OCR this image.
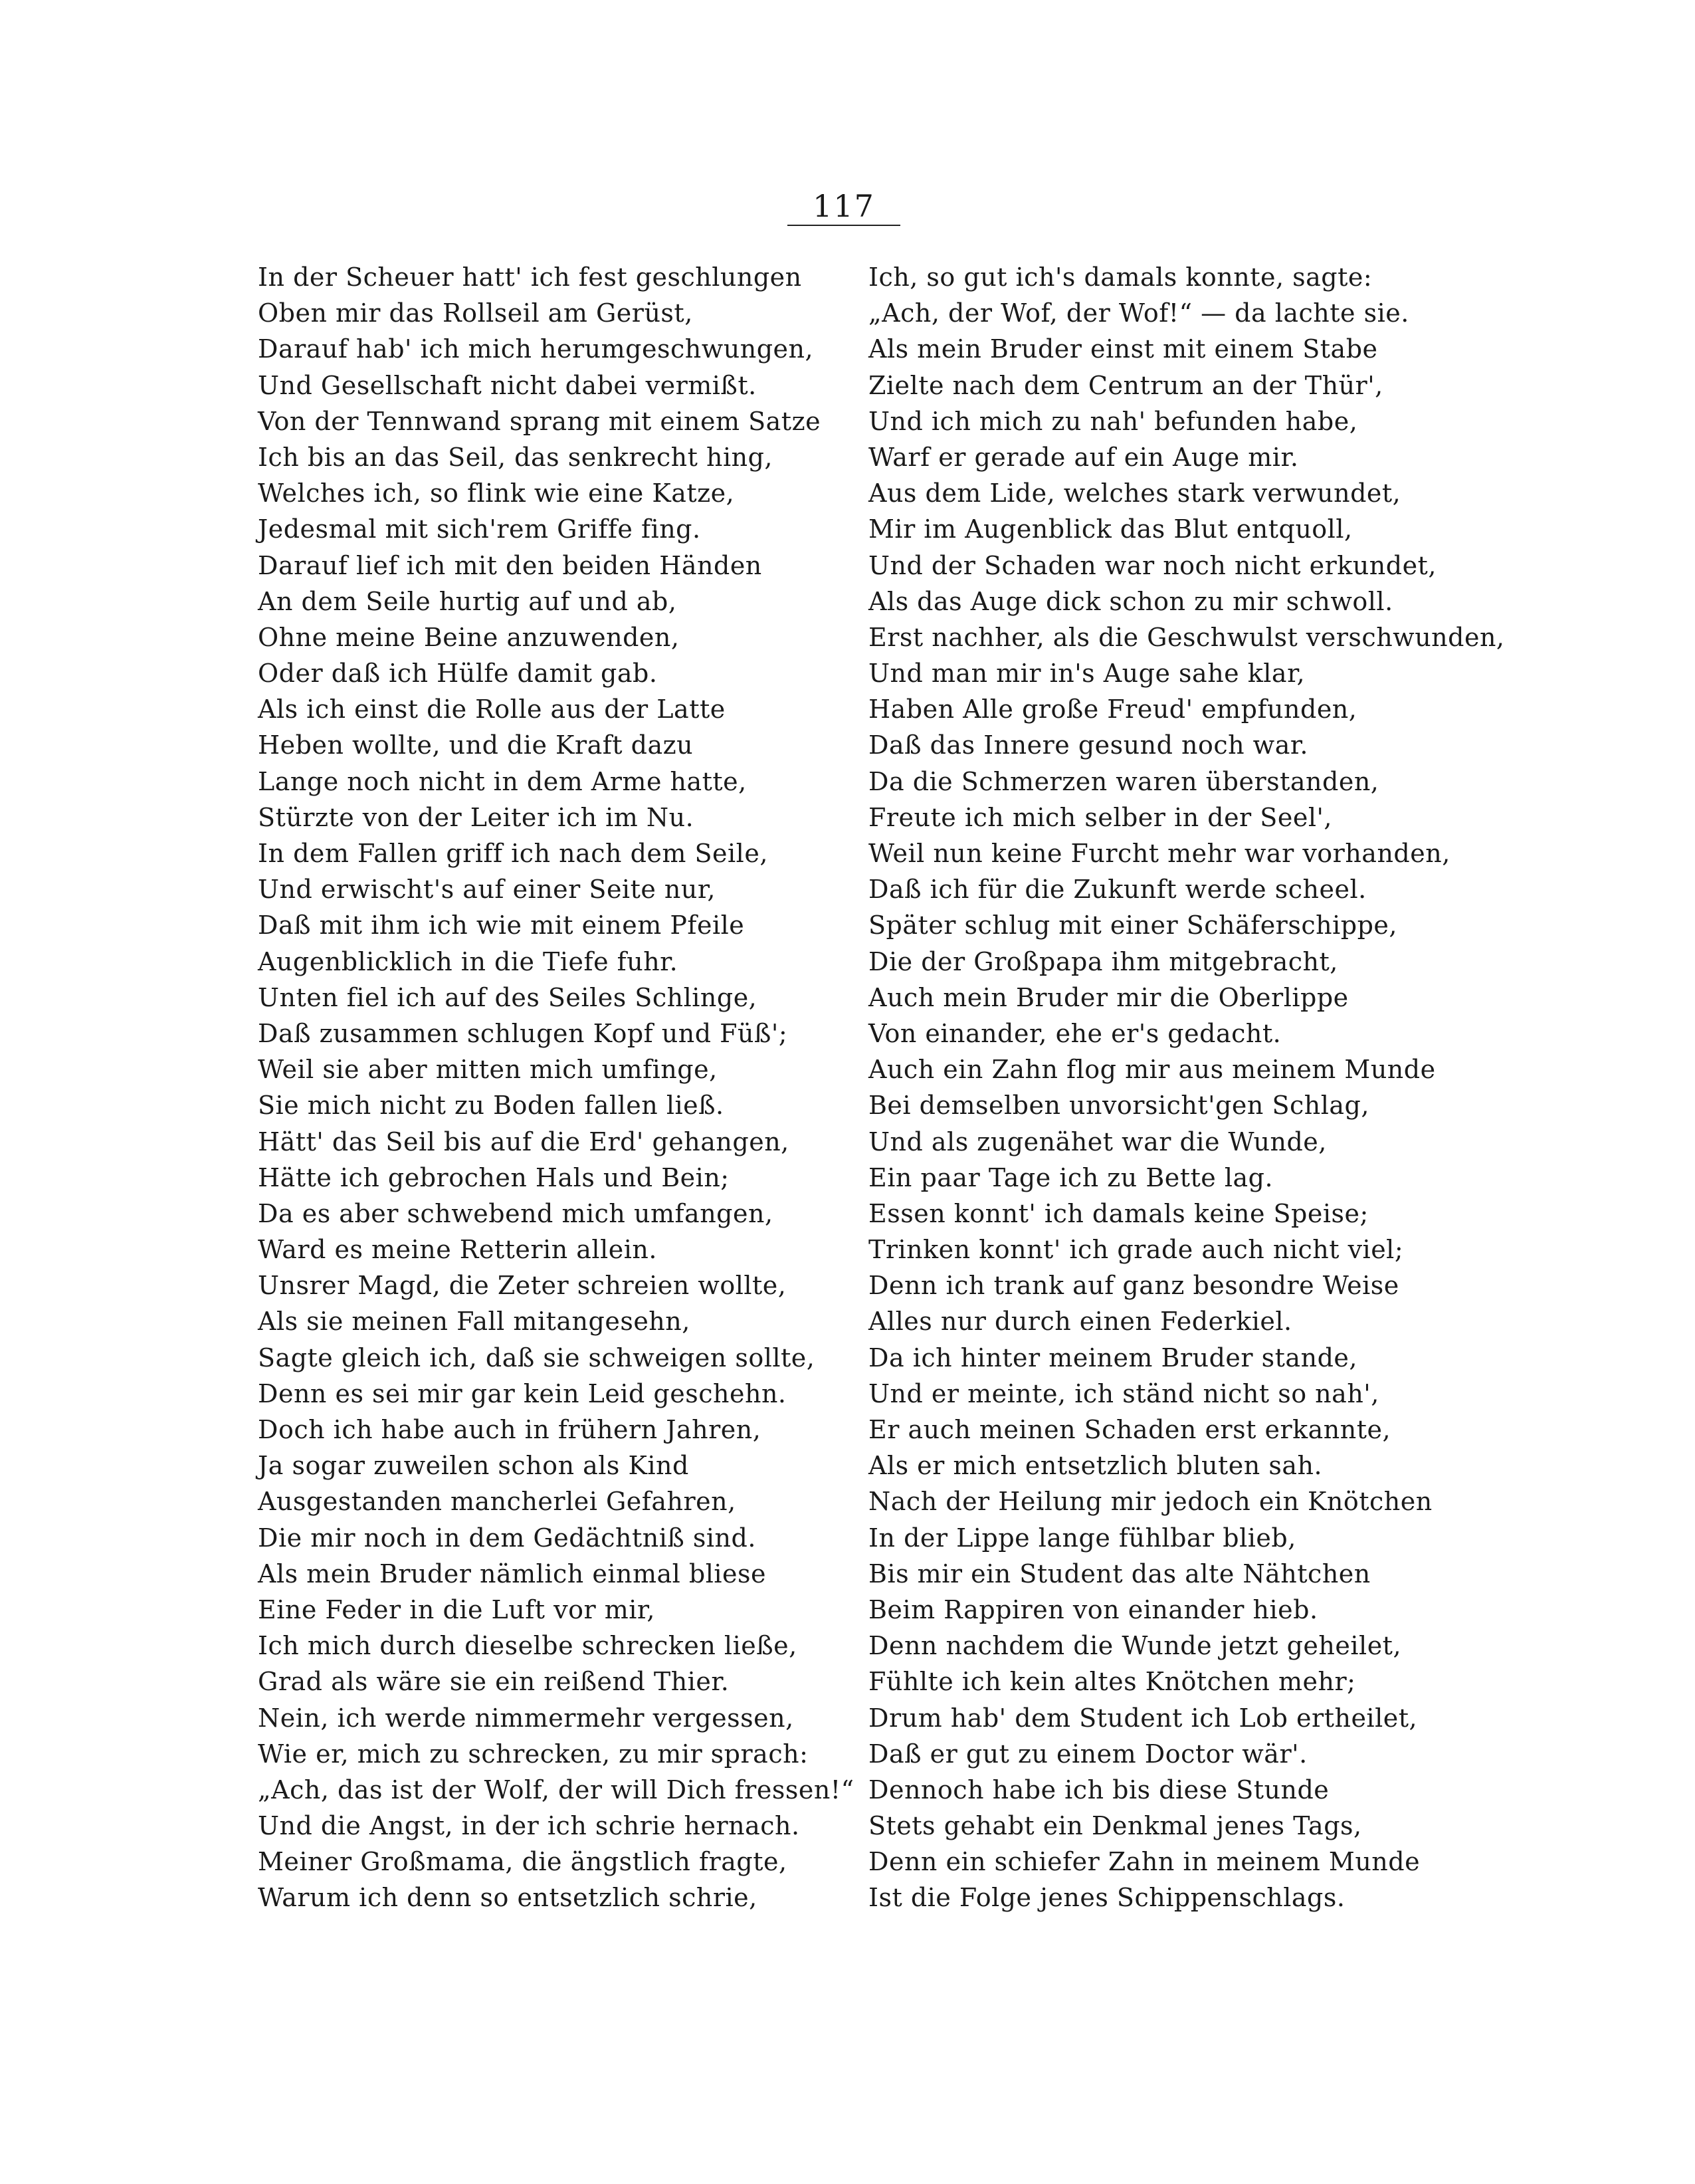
117
In der Scheuer hatt' ich fest geschlungen
Oben mir das Rollseil am Gerüst,
Darauf hab' ich mich herumgeschwungen,
Und Gesellschaft nicht dabei vermißt.
Von der Tennwand sprang mit einem Satze
Ich bis an das Seil, das senkrecht hing,
Welches ich, so flink wie eine Katze,
Jedesmal mit sich'rem Griffe fing.
Darauf lief ich mit den beiden Händen
An dem Seile hurtig auf und ab,
Ohne meine Beine anzuwenden,
Oder daß ich Hülfe damit gab.
Als ich einst die Rolle aus der Latte
Heben wollte, und die Kraft dazu
Lange noch nicht in dem Arme hatte,
Stürzte von der Leiter ich im Nu.
In dem Fallen griff ich nach dem Seile,
Und erwischt's auf einer Seite nur,
Daß mit ihm ich wie mit einem Pfeile
Augenblicklich in die Tiefe fuhr.
Unten fiel ich auf des Seiles Schlinge,
Daß zusammen schlugen Kopf und Füß';
Weil sie aber mitten mich umfinge,
Sie mich nicht zu Boden fallen ließ.
Hätt' das Seil bis auf die Erd' gehangen,
Hätte ich gebrochen Hals und Bein;
Da es aber schwebend mich umfangen,
Ward es meine Retterin allein.
Unsrer Magd, die Zeter schreien wollte,
Als sie meinen Fall mitangesehn,
Sagte gleich ich, daß sie schweigen sollte,
Denn es sei mir gar kein Leid geschehn.
Doch ich habe auch in frühern Jahren,
Ja sogar zuweilen schon als Kind
Ausgestanden mancherlei Gefahren,
Die mir noch in dem Gedächtniß sind.
Als mein Bruder nämlich einmal bliese
Eine Feder in die Luft vor mir,
Ich mich durch dieselbe schrecken ließe,
Grad als wäre sie ein reißend Thier.
Nein, ich werde nimmermehr vergessen,
Wie er, mich zu schrecken, zu mir sprach:
„Ach, das ist der Wolf, der will Dich fressen!“
Und die Angst, in der ich schrie hernach.
Meiner Großmama, die ängstlich fragte,
Warum ich denn so entsetzlich schrie,
Ich, so gut ich's damals konnte, sagte:
„Ach, der Wof, der Wof!“ — da lachte sie.
Als mein Bruder einst mit einem Stabe
Zielte nach dem Centrum an der Thür',
Und ich mich zu nah' befunden habe,
Warf er gerade auf ein Auge mir.
Aus dem Lide, welches stark verwundet,
Mir im Augenblick das Blut entquoll,
Und der Schaden war noch nicht erkundet,
Als das Auge dick schon zu mir schwoll.
Erst nachher, als die Geschwulst verschwunden,
Und man mir in's Auge sahe klar,
Haben Alle große Freud' empfunden,
Daß das Innere gesund noch war.
Da die Schmerzen waren überstanden,
Freute ich mich selber in der Seel',
Weil nun keine Furcht mehr war vorhanden,
Daß ich für die Zukunft werde scheel.
Später schlug mit einer Schäferschippe,
Die der Großpapa ihm mitgebracht,
Auch mein Bruder mir die Oberlippe
Von einander, ehe er's gedacht.
Auch ein Zahn flog mir aus meinem Munde
Bei demselben unvorsicht'gen Schlag,
Und als zugenähet war die Wunde,
Ein paar Tage ich zu Bette lag.
Essen konnt' ich damals keine Speise;
Trinken konnt' ich grade auch nicht viel;
Denn ich trank auf ganz besondre Weise
Alles nur durch einen Federkiel.
Da ich hinter meinem Bruder stande,
Und er meinte, ich ständ nicht so nah',
Er auch meinen Schaden erst erkannte,
Als er mich entsetzlich bluten sah.
Nach der Heilung mir jedoch ein Knötchen
In der Lippe lange fühlbar blieb,
Bis mir ein Student das alte Nähtchen
Beim Rappiren von einander hieb.
Denn nachdem die Wunde jetzt geheilet,
Fühlte ich kein altes Knötchen mehr;
Drum hab' dem Student ich Lob ertheilet,
Daß er gut zu einem Doctor wär'.
Dennoch habe ich bis diese Stunde
Stets gehabt ein Denkmal jenes Tags,
Denn ein schiefer Zahn in meinem Munde
Ist die Folge jenes Schippenschlags.
